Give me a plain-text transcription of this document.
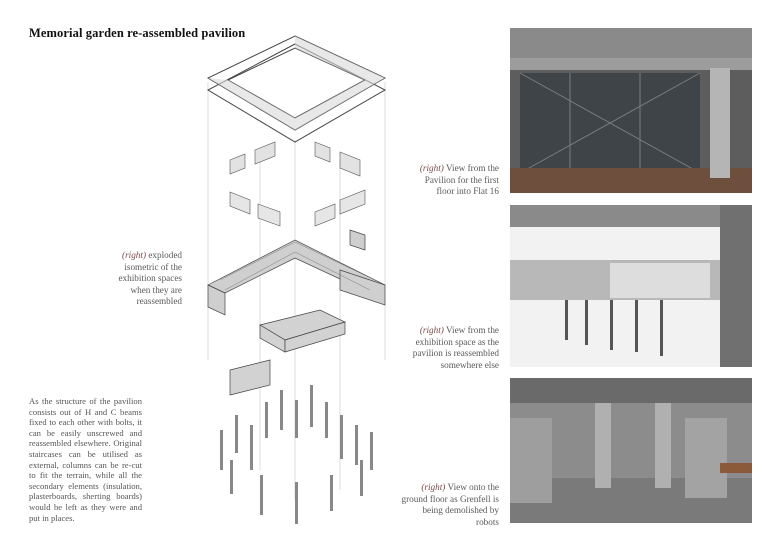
Memorial garden re-assembled pavilion
(right) exploded isometric of the exhibition spaces when they are reassembled
As the structure of the pavilion consists out of H and C beams fixed to each other with bolts, it can be easily unscrewed and reassembled elsewhere. Original staircases can be utilised as external, columns can be re-cut to fit the terrain, while all the secondary elements (insulation, plasterboards, sherting boards) would be left as they were and put in places.
(right) View from the Pavilion for the first floor into Flat 16
(right) View from the exhibition space as the pavilion is reassembled somewhere else
(right) View onto the ground floor as Grenfell is being demolished by robots
